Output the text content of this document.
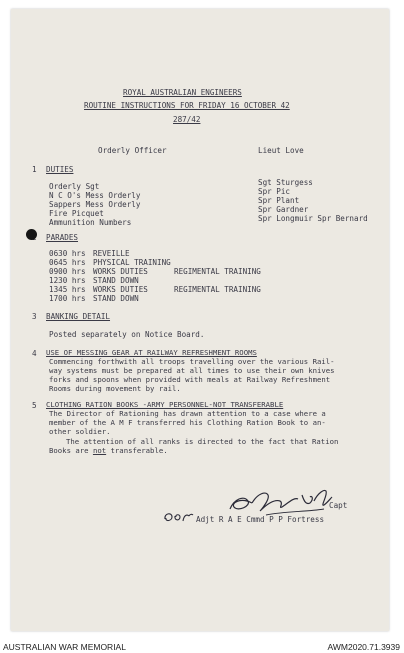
ROYAL AUSTRALIAN ENGINEERS
ROUTINE INSTRUCTIONS FOR FRIDAY 16 OCTOBER 42
287/42
Orderly Officer	Lieut Love
1 DUTIES
Orderly Sgt	Sgt Sturgess
N C O's Mess Orderly	Spr Pic
Sappers Mess Orderly	Spr Plant
Fire Picquet	Spr Gardner
Ammunition Numbers	Spr Longmuir Spr Bernard
PARADES
0630 hrs REVEILLE
0645 hrs PHYSICAL TRAINING
0900 hrs WORKS DUTIES	REGIMENTAL TRAINING
1230 hrs STAND DOWN
1345 hrs WORKS DUTIES	REGIMENTAL TRAINING
1700 hrs STAND DOWN
3 BANKING DETAIL
Posted separately on Notice Board.
4 USE OF MESSING GEAR AT RAILWAY REFRESHMENT ROOMS
Commencing forthwith all troops travelling over the various Rail-
way systems must be prepared at all times to use their own knives
forks and spoons when provided with meals at Railway Refreshment
Rooms during movement by rail.
5 CLOTHING RATION BOOKS -ARMY PERSONNEL-NOT TRANSFERABLE
The Director of Rationing has drawn attention to a case where a
member of the A M F transferred his Clothing Ration Book to an-
other soldier.
The attention of all ranks is directed to the fact that Ration
Books are not transferable.
Capt
Adjt R A E Cmmd P P Fortress
AUSTRALIAN WAR MEMORIAL	AWM2020.71.3939
